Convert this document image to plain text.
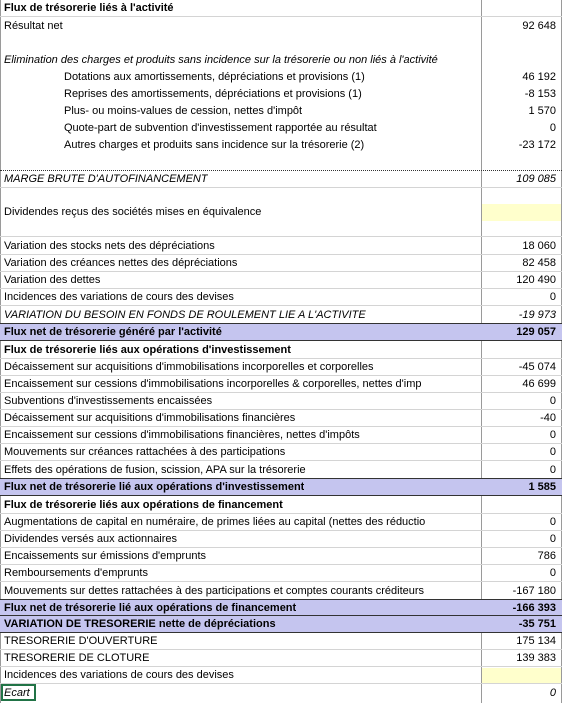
Flux de trésorerie liés à l'activité
Résultat net	92 648
Elimination des charges et produits sans incidence sur la trésorerie ou non liés à l'activité
Dotations aux amortissements, dépréciations et provisions (1)	46 192
Reprises des amortissements, dépréciations et provisions (1)	-8 153
Plus- ou moins-values de cession, nettes d'impôt	1 570
Quote-part de subvention d'investissement rapportée au résultat	0
Autres charges et produits sans incidence sur la trésorerie (2)	-23 172
MARGE BRUTE D'AUTOFINANCEMENT	109 085
Dividendes reçus des sociétés mises en équivalence
Variation des stocks nets des dépréciations	18 060
Variation des créances nettes des dépréciations	82 458
Variation des dettes	120 490
Incidences des variations de cours des devises	0
VARIATION DU BESOIN EN FONDS DE ROULEMENT LIE A L'ACTIVITE	-19 973
Flux net de trésorerie généré par l'activité	129 057
Flux de trésorerie liés aux opérations d'investissement
Décaissement sur acquisitions d'immobilisations incorporelles et corporelles	-45 074
Encaissement sur cessions d'immobilisations incorporelles & corporelles, nettes d'imp	46 699
Subventions d'investissements encaissées	0
Décaissement sur acquisitions d'immobilisations financières	-40
Encaissement sur cessions d'immobilisations financières, nettes d'impôts	0
Mouvements sur créances rattachées à des participations	0
Effets des opérations de fusion, scission, APA sur la trésorerie	0
Flux net de trésorerie lié aux opérations d'investissement	1 585
Flux de trésorerie liés aux opérations de financement
Augmentations de capital en numéraire, de primes liées au capital (nettes des réductio	0
Dividendes versés aux actionnaires	0
Encaissements sur émissions d'emprunts	786
Remboursements d'emprunts	0
Mouvements sur dettes rattachées à des participations et comptes courants créditeurs	-167 180
Flux net de trésorerie lié aux opérations de financement	-166 393
VARIATION DE TRESORERIE nette de dépréciations	-35 751
TRESORERIE D'OUVERTURE	175 134
TRESORERIE DE CLOTURE	139 383
Incidences des variations de cours des devises
Ecart	0
